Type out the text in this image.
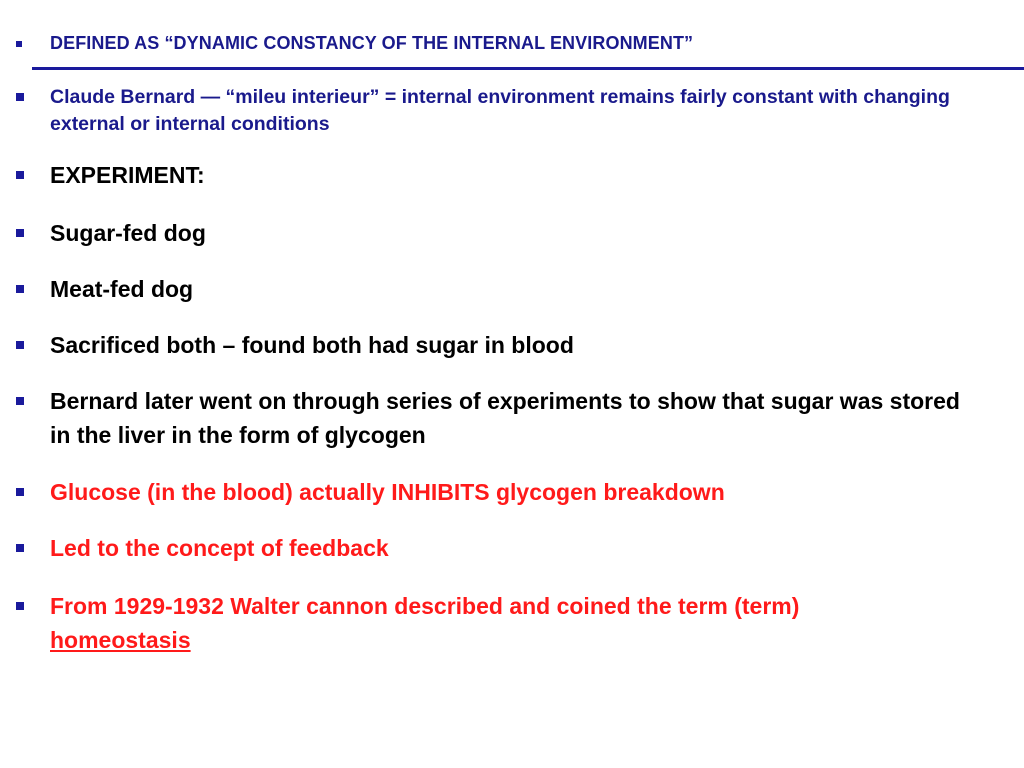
DEFINED AS “DYNAMIC CONSTANCY OF THE INTERNAL ENVIRONMENT”
Claude Bernard — “mileu interieur” = internal environment remains fairly constant with changing external or internal conditions
EXPERIMENT:
Sugar-fed dog
Meat-fed dog
Sacrificed both – found both had sugar in blood
Bernard later went on through series of experiments to show that sugar was stored in the liver in the form of glycogen
Glucose (in the blood) actually INHIBITS glycogen breakdown
Led to the concept of feedback
From 1929-1932 Walter cannon described and coined the term (term)
homeostasis
